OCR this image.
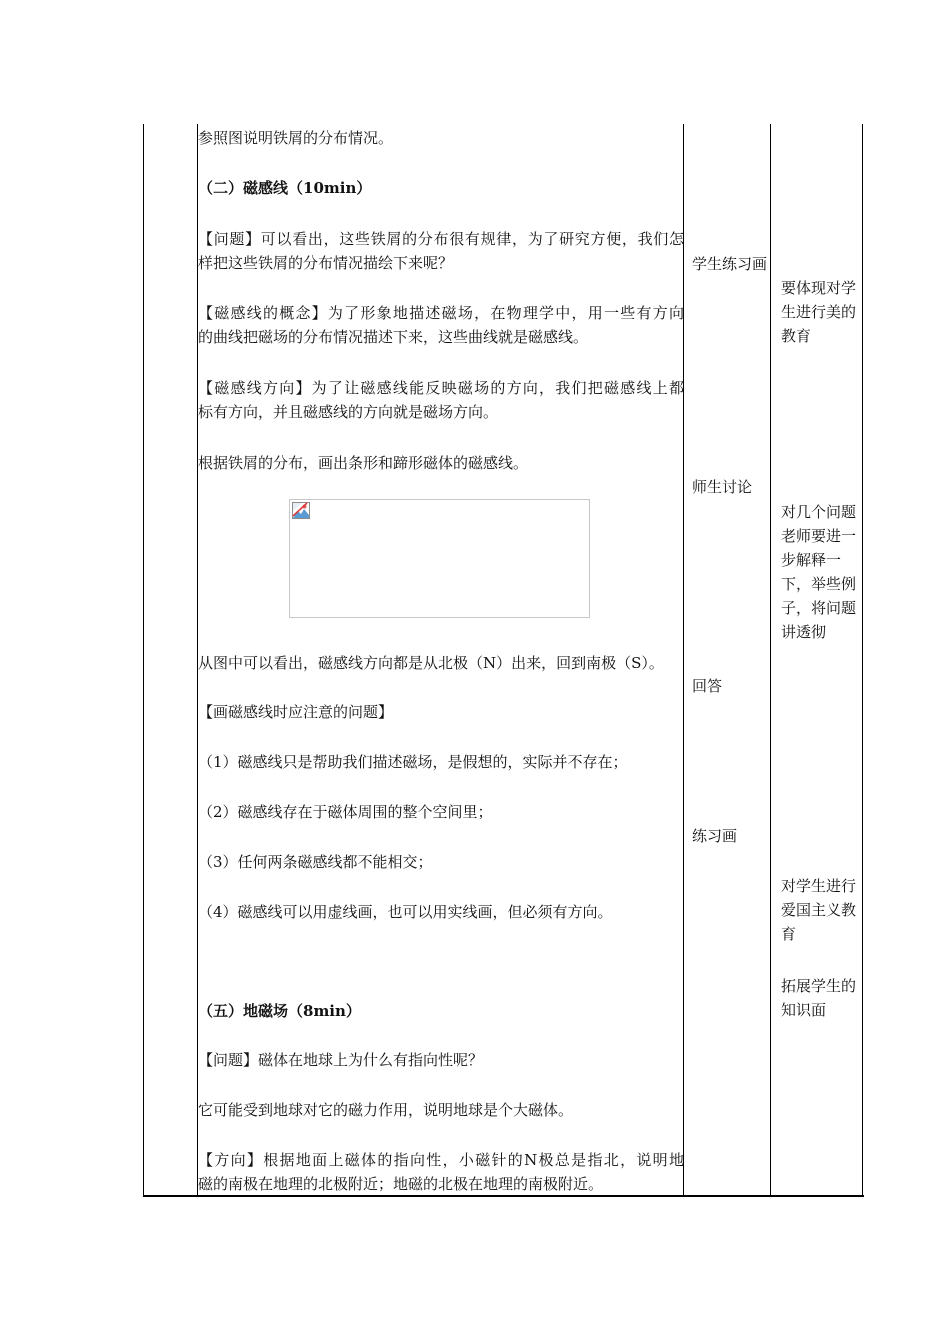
参照图说明铁屑的分布情况。
（二）磁感线（10min）
【问题】可以看出，这些铁屑的分布很有规律，为了研究方便，我们怎
样把这些铁屑的分布情况描绘下来呢？
【磁感线的概念】为了形象地描述磁场，在物理学中，用一些有方向
的曲线把磁场的分布情况描述下来，这些曲线就是磁感线。
【磁感线方向】为了让磁感线能反映磁场的方向，我们把磁感线上都
标有方向，并且磁感线的方向就是磁场方向。
根据铁屑的分布，画出条形和蹄形磁体的磁感线。
从图中可以看出，磁感线方向都是从北极（N）出来，回到南极（S）。
【画磁感线时应注意的问题】
（1）磁感线只是帮助我们描述磁场，是假想的，实际并不存在；
（2）磁感线存在于磁体周围的整个空间里；
（3）任何两条磁感线都不能相交；
（4）磁感线可以用虚线画，也可以用实线画，但必须有方向。
（五）地磁场（8min）
【问题】磁体在地球上为什么有指向性呢？
它可能受到地球对它的磁力作用，说明地球是个大磁体。
【方向】根据地面上磁体的指向性，小磁针的N极总是指北，说明地
磁的南极在地理的北极附近；地磁的北极在地理的南极附近。
学生练习画
师生讨论
回答
练习画
要体现对学生进行美的教育
对几个问题老师要进一步解释一下，举些例子，将问题讲透彻
对学生进行爱国主义教育
拓展学生的知识面
